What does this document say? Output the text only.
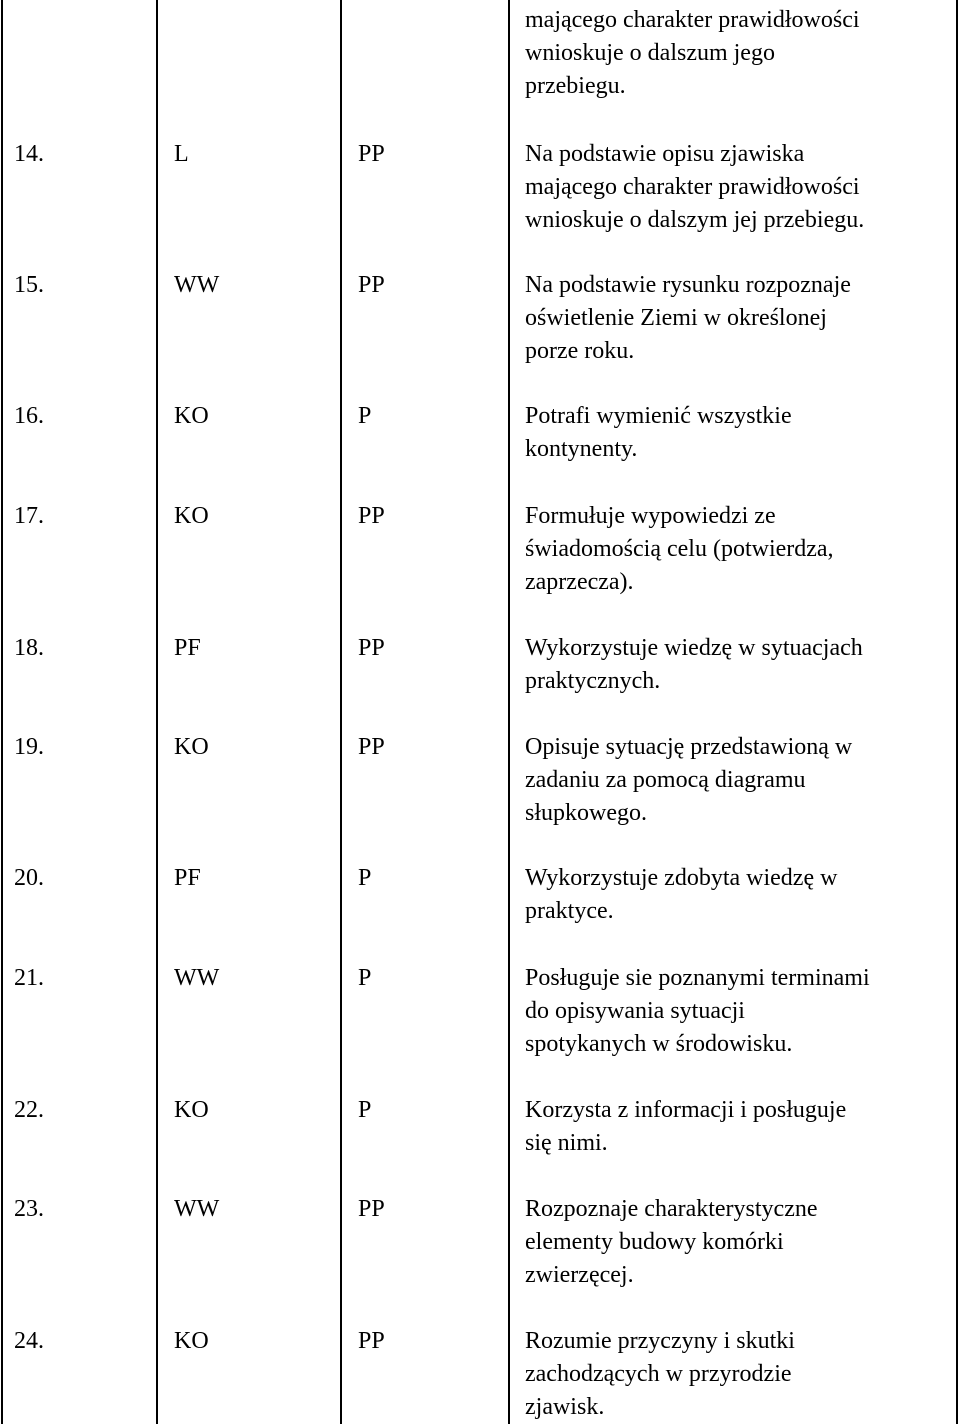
mającego charakter prawidłowości
wnioskuje o dalszum jego
przebiegu.
14.	L	PP	Na podstawie opisu zjawiska
mającego charakter prawidłowości
wnioskuje o dalszym jej przebiegu.
15.	WW	PP	Na podstawie rysunku rozpoznaje
oświetlenie Ziemi w określonej
porze roku.
16.	KO	P	Potrafi wymienić wszystkie
kontynenty.
17.	KO	PP	Formułuje wypowiedzi ze
świadomością celu (potwierdza,
zaprzecza).
18.	PF	PP	Wykorzystuje wiedzę w sytuacjach
praktycznych.
19.	KO	PP	Opisuje sytuację przedstawioną w
zadaniu za pomocą diagramu
słupkowego.
20.	PF	P	Wykorzystuje zdobyta wiedzę w
praktyce.
21.	WW	P	Posługuje sie poznanymi terminami
do opisywania sytuacji
spotykanych w środowisku.
22.	KO	P	Korzysta z informacji i posługuje
się nimi.
23.	WW	PP	Rozpoznaje charakterystyczne
elementy budowy komórki
zwierzęcej.
24.	KO	PP	Rozumie przyczyny i skutki
zachodzących w przyrodzie
zjawisk.
